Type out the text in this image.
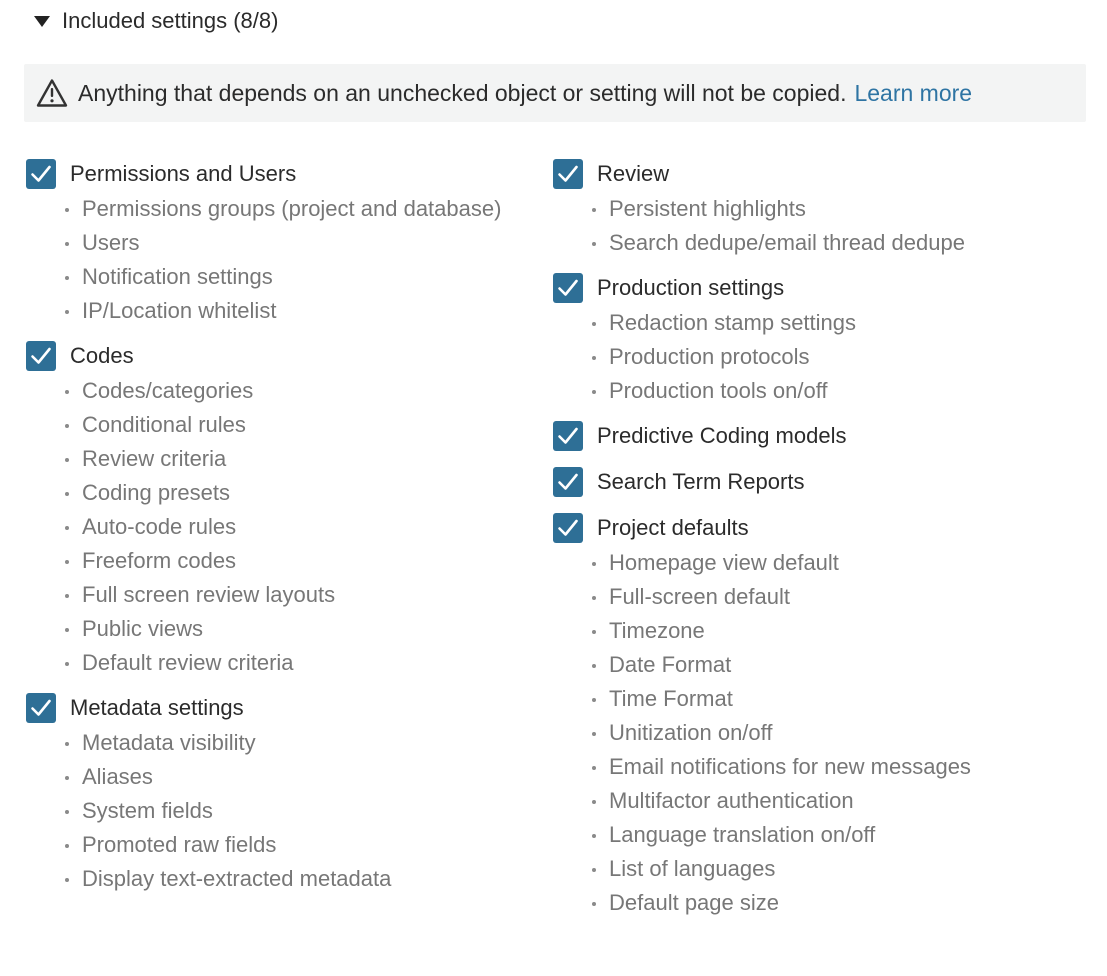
Included settings (8/8)
Anything that depends on an unchecked object or setting will not be copied. Learn more
Permissions and Users
Permissions groups (project and database)
Users
Notification settings
IP/Location whitelist
Codes
Codes/categories
Conditional rules
Review criteria
Coding presets
Auto-code rules
Freeform codes
Full screen review layouts
Public views
Default review criteria
Metadata settings
Metadata visibility
Aliases
System fields
Promoted raw fields
Display text-extracted metadata
Review
Persistent highlights
Search dedupe/email thread dedupe
Production settings
Redaction stamp settings
Production protocols
Production tools on/off
Predictive Coding models
Search Term Reports
Project defaults
Homepage view default
Full-screen default
Timezone
Date Format
Time Format
Unitization on/off
Email notifications for new messages
Multifactor authentication
Language translation on/off
List of languages
Default page size
